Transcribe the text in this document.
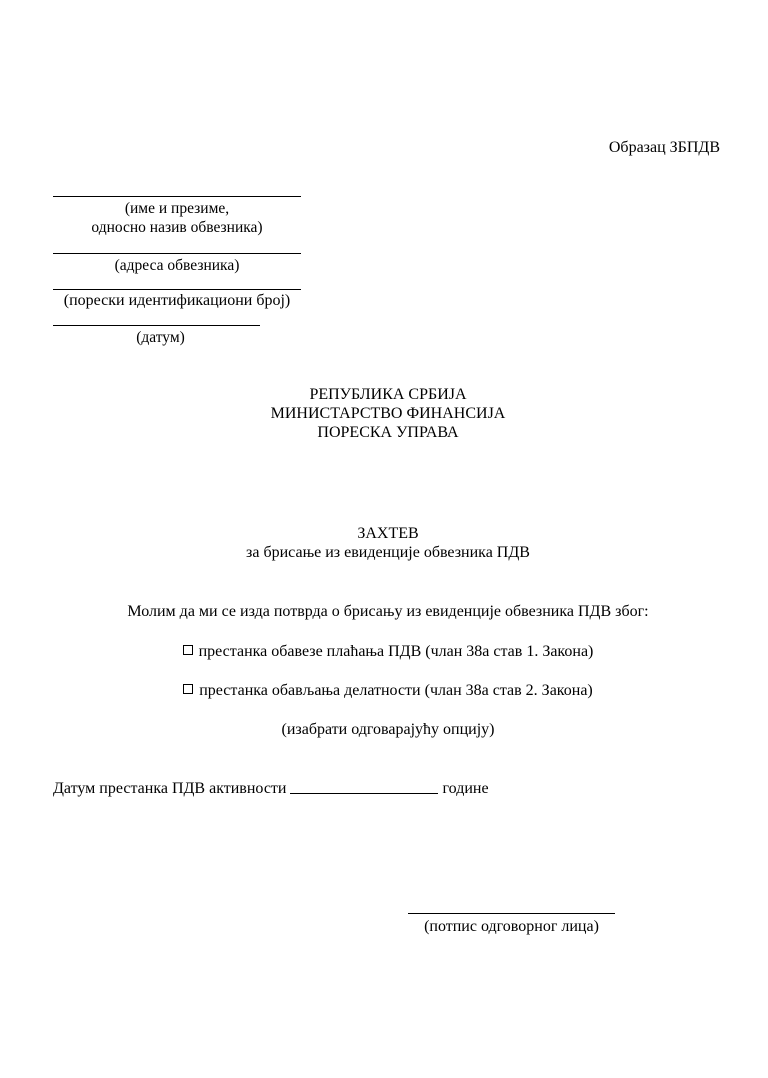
Образац ЗБПДВ
(име и презиме,
односно назив обвезника)
(адреса обвезника)
(порески идентификациони број)
(датум)
РЕПУБЛИКА СРБИЈА
МИНИСТАРСТВО ФИНАНСИЈА
ПОРЕСКА УПРАВА
ЗАХТЕВ
за брисање из евиденције обвезника ПДВ
Молим да ми се изда потврда о брисању из евиденције обвезника ПДВ због:
престанка обавезе плаћања ПДВ (члан 38а став 1. Закона)
престанка обављања делатности (члан 38а став 2. Закона)
(изабрати одговарајућу опцију)
Датум престанка ПДВ активности	године
(потпис одговорног лица)
